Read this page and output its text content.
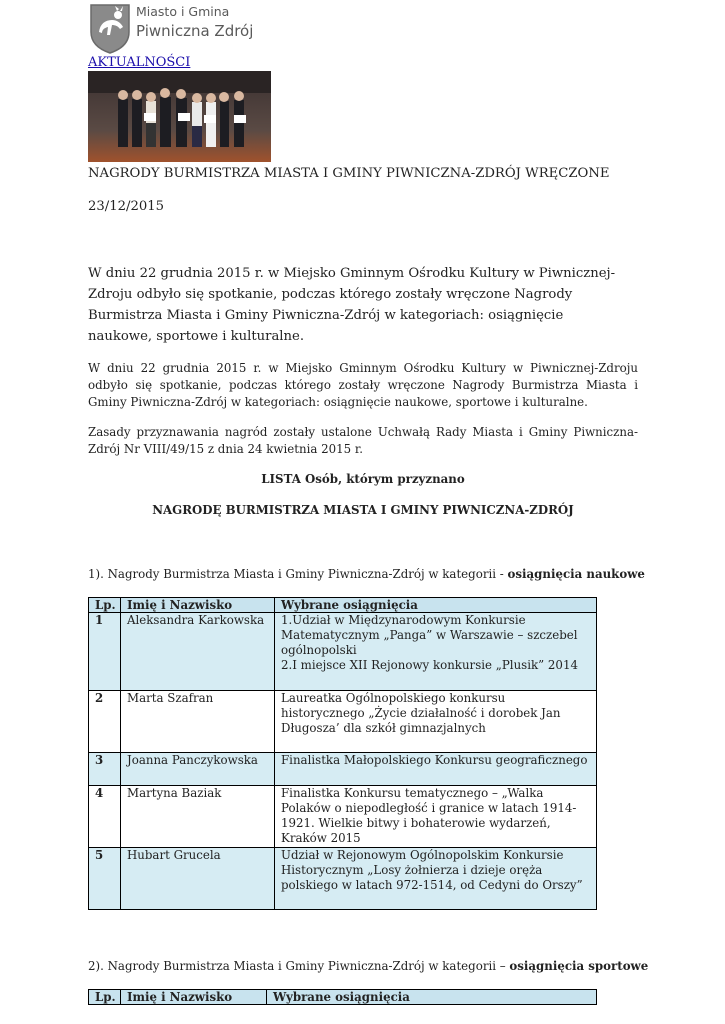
Miasto i Gmina
Piwniczna Zdrój
AKTUALNOŚCI
NAGRODY BURMISTRZA MIASTA I GMINY PIWNICZNA-ZDRÓJ WRĘCZONE
23/12/2015
W dniu 22 grudnia 2015 r. w Miejsko Gminnym Ośrodku Kultury w Piwnicznej-Zdroju odbyło się spotkanie, podczas którego zostały wręczone Nagrody Burmistrza Miasta i Gminy Piwniczna-Zdrój w kategoriach: osiągnięcie naukowe, sportowe i kulturalne.
W dniu 22 grudnia 2015 r. w Miejsko Gminnym Ośrodku Kultury w Piwnicznej-Zdroju odbyło się spotkanie, podczas którego zostały wręczone Nagrody Burmistrza Miasta i Gminy Piwniczna-Zdrój w kategoriach: osiągnięcie naukowe, sportowe i kulturalne.
Zasady przyznawania nagród zostały ustalone Uchwałą Rady Miasta i Gminy Piwniczna-Zdrój Nr VIII/49/15 z dnia 24 kwietnia 2015 r.
LISTA Osób, którym przyznano
NAGRODĘ BURMISTRZA MIASTA I GMINY PIWNICZNA-ZDRÓJ
1). Nagrody Burmistrza Miasta i Gminy Piwniczna-Zdrój w kategorii - osiągnięcia naukowe
Lp.	Imię i Nazwisko	Wybrane osiągnięcia
1	Aleksandra Karkowska	1.Udział w Międzynarodowym Konkursie Matematycznym „Panga” w Warszawie – szczebel ogólnopolski
2.I miejsce XII Rejonowy konkursie „Plusik” 2014

2	Marta Szafran	Laureatka Ogólnopolskiego konkursu historycznego „Życie działalność i dorobek Jan Długosza’ dla szkół gimnazjalnych
3	Joanna Panczykowska	Finalistka Małopolskiego Konkursu geograficznego
4	Martyna Baziak	Finalistka Konkursu tematycznego – „Walka Polaków o niepodległość i granice w latach 1914-1921. Wielkie bitwy i bohaterowie wydarzeń, Kraków 2015
5	Hubart Grucela	Udział w Rejonowym Ogólnopolskim Konkursie Historycznym „Losy żołnierza i dzieje oręża polskiego w latach 972-1514, od Cedyni do Orszy”
2). Nagrody Burmistrza Miasta i Gminy Piwniczna-Zdrój w kategorii – osiągnięcia sportowe
Lp.	Imię i Nazwisko	Wybrane osiągnięcia
